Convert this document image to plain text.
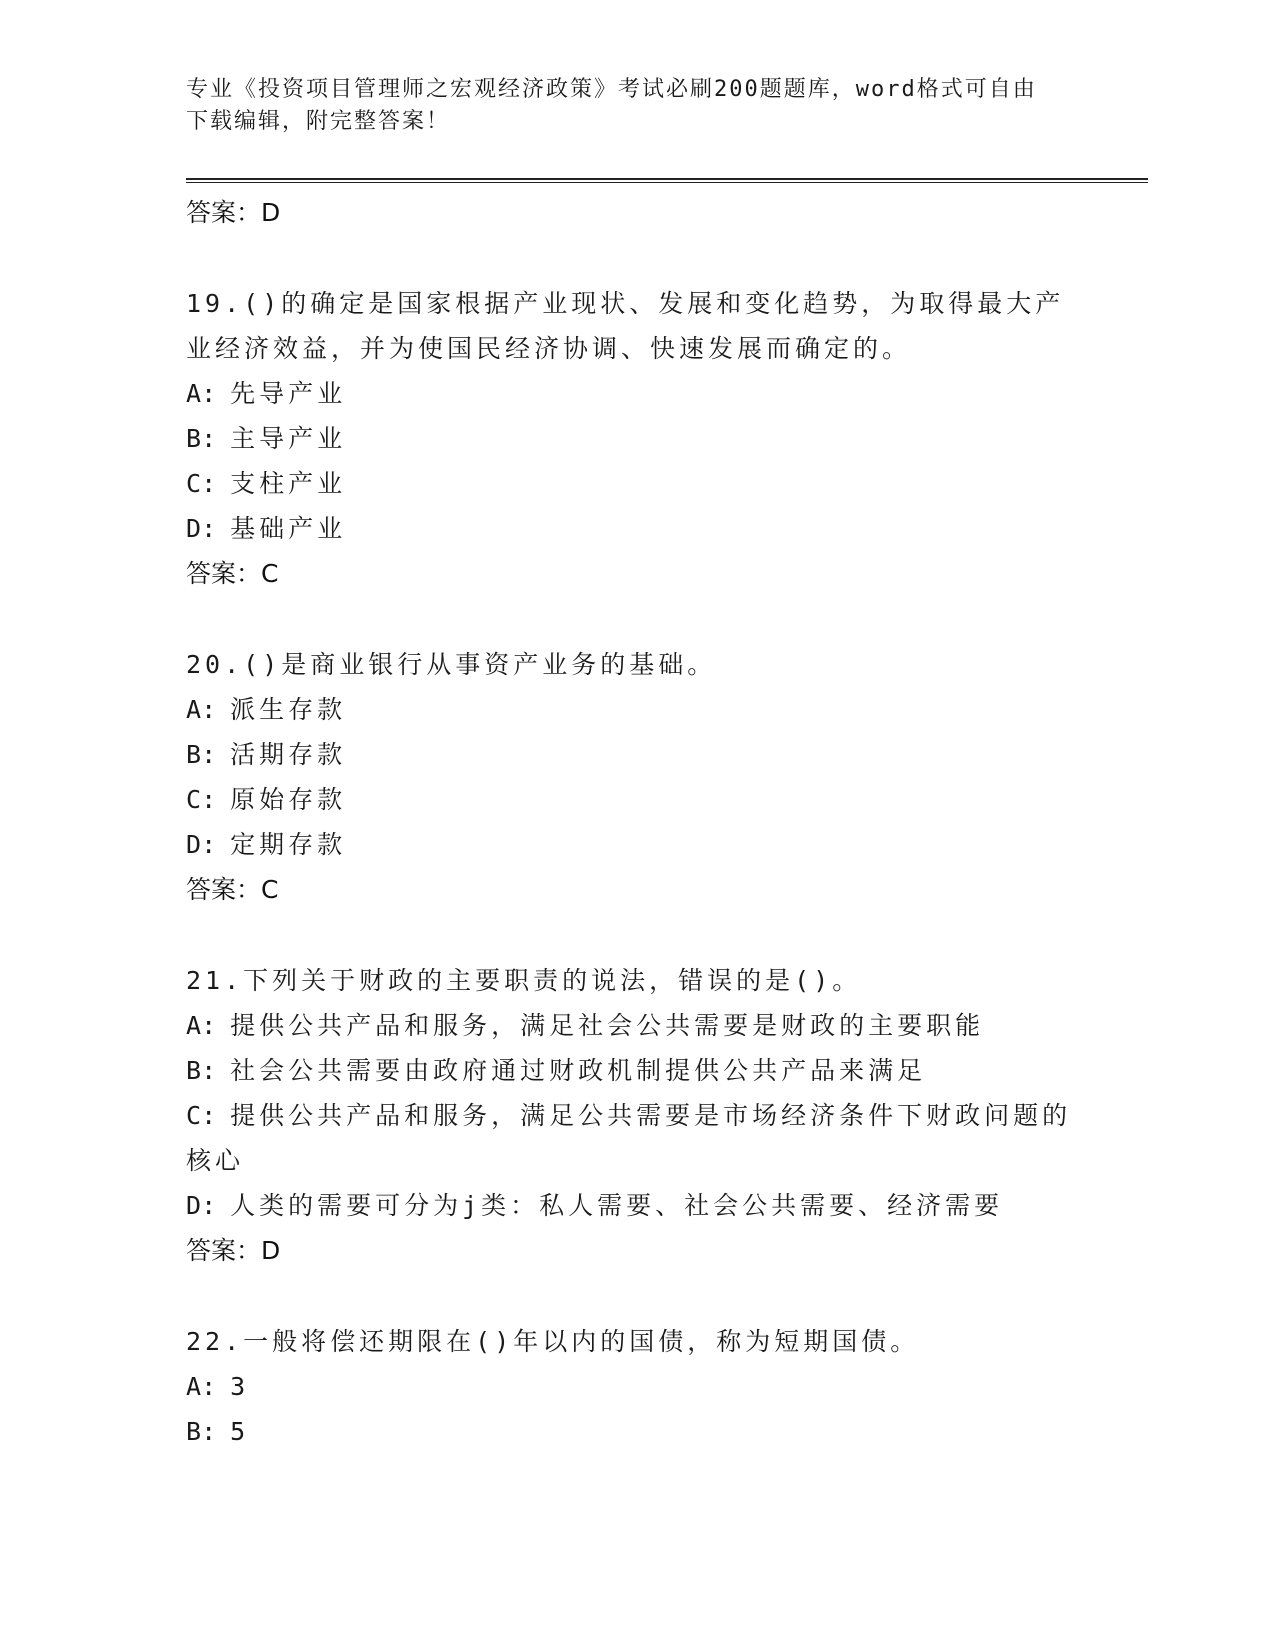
专业《投资项目管理师之宏观经济政策》考试必刷200题题库，word格式可自由
下载编辑，附完整答案！
答案：D
19.()的确定是国家根据产业现状、发展和变化趋势，为取得最大产业经济效益，并为使国民经济协调、快速发展而确定的。
A: 先导产业
B: 主导产业
C: 支柱产业
D: 基础产业
答案：C
20.()是商业银行从事资产业务的基础。
A: 派生存款
B: 活期存款
C: 原始存款
D: 定期存款
答案：C
21.下列关于财政的主要职责的说法，错误的是()。
A: 提供公共产品和服务，满足社会公共需要是财政的主要职能
B: 社会公共需要由政府通过财政机制提供公共产品来满足
C: 提供公共产品和服务，满足公共需要是市场经济条件下财政问题的核心
D: 人类的需要可分为j类：私人需要、社会公共需要、经济需要
答案：D
22.一般将偿还期限在()年以内的国债，称为短期国债。
A: 3
B: 5
